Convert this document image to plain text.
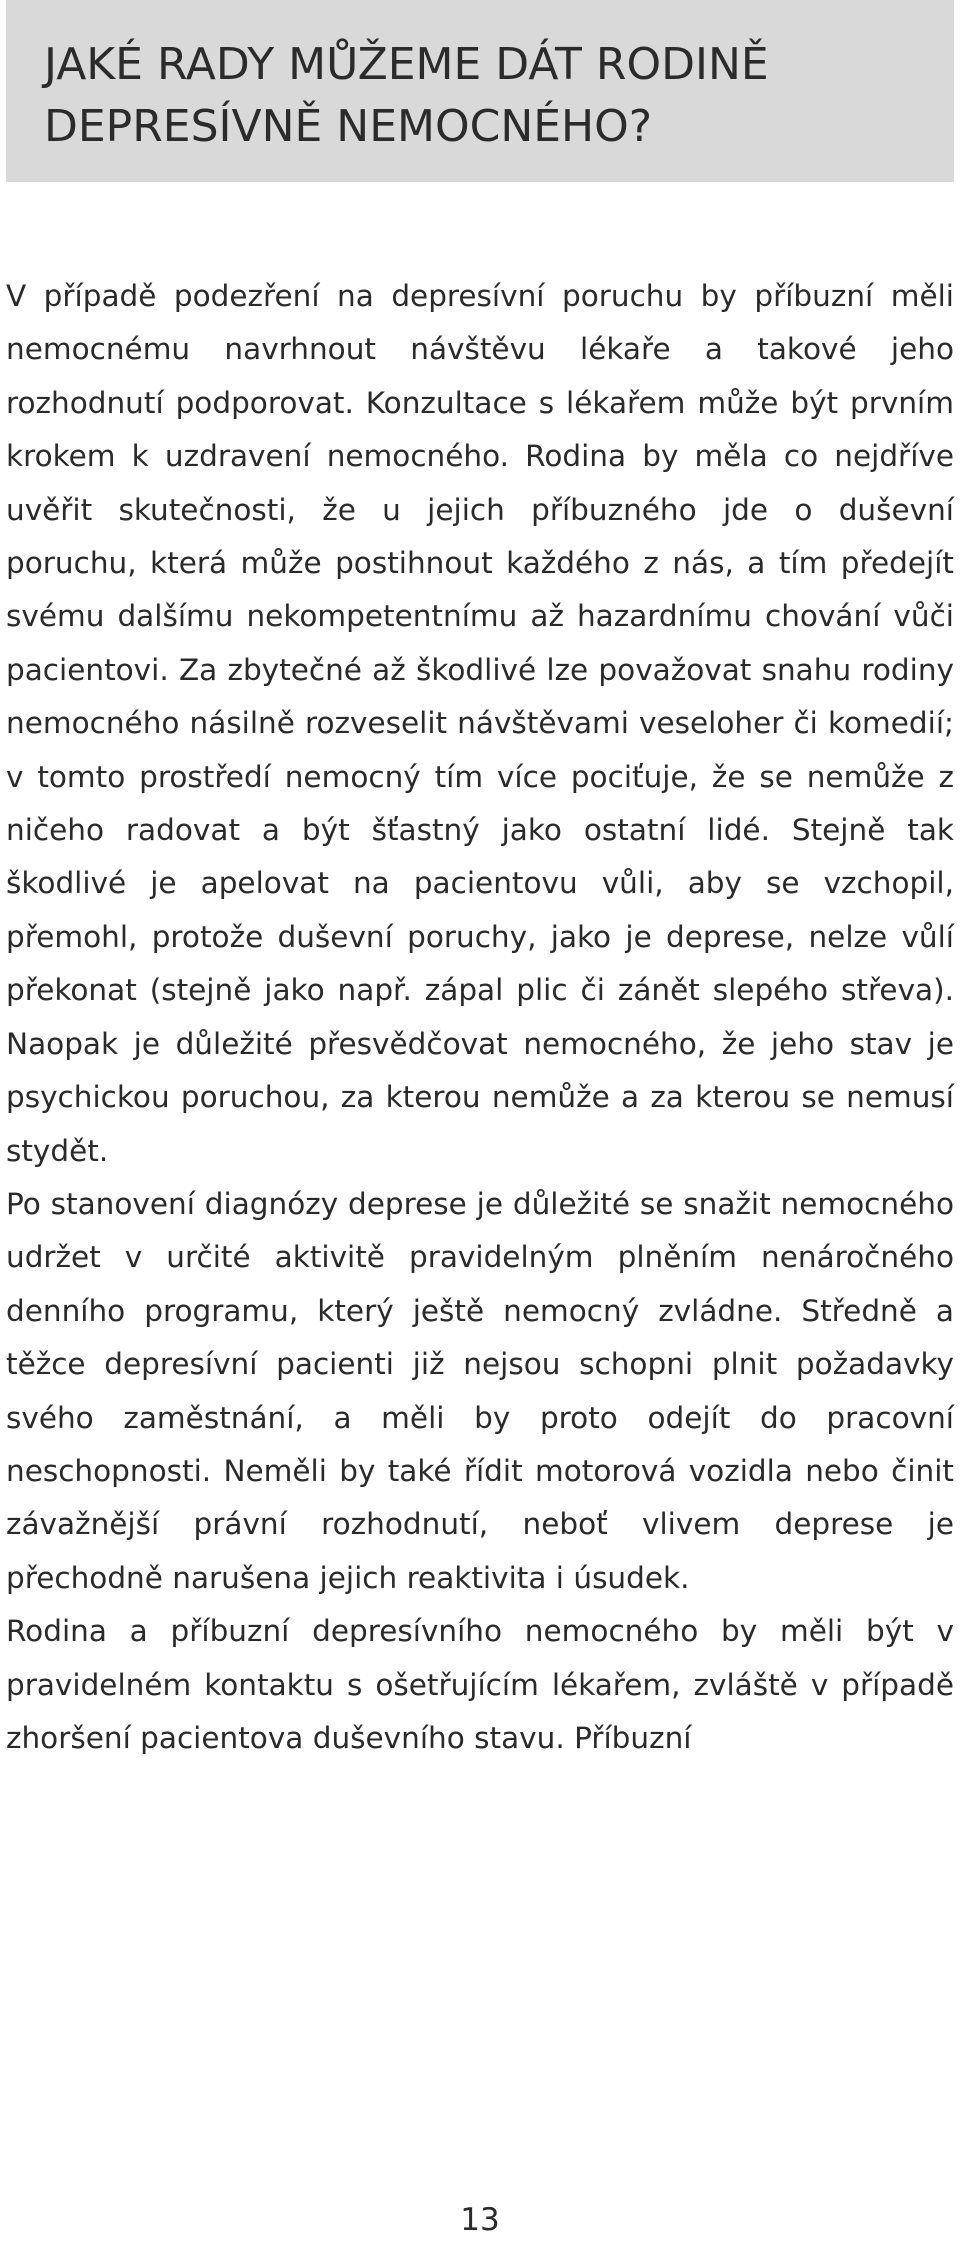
JAKÉ RADY MŮŽEME DÁT RODINĚ
DEPRESÍVNĚ NEMOCNÉHO?

V případě podezření na depresívní poruchu by příbuzní měli nemocnému navrhnout návštěvu lékaře a takové jeho rozhodnutí podporovat. Konzultace s lékařem může být prvním krokem k uzdravení nemocného. Rodina by měla co nejdříve uvěřit skutečnosti, že u jejich příbuzného jde o duševní poruchu, která může postihnout každého z nás, a tím předejít svému dalšímu nekompetentnímu až hazardnímu chování vůči pacientovi. Za zbytečné až škodlivé lze považovat snahu rodiny nemocného násilně rozveselit návštěvami veseloher či komedií; v tomto prostředí nemocný tím více pociťuje, že se nemůže z ničeho radovat a být šťastný jako ostatní lidé. Stejně tak škodlivé je apelovat na pacientovu vůli, aby se vzchopil, přemohl, protože duševní poruchy, jako je deprese, nelze vůlí překonat (stejně jako např. zápal plic či zánět slepého střeva). Naopak je důležité přesvědčovat nemocného, že jeho stav je psychickou poruchou, za kterou nemůže a za kterou se nemusí stydět.

Po stanovení diagnózy deprese je důležité se snažit nemocného udržet v určité aktivitě pravidelným plněním nenáročného denního programu, který ještě nemocný zvládne. Středně a těžce depresívní pacienti již nejsou schopni plnit požadavky svého zaměstnání, a měli by proto odejít do pracovní neschopnosti. Neměli by také řídit motorová vozidla nebo činit závažnější právní rozhodnutí, neboť vlivem deprese je přechodně narušena jejich reaktivita i úsudek.

Rodina a příbuzní depresívního nemocného by měli být v pravidelném kontaktu s ošetřujícím lékařem, zvláště v případě zhoršení pacientova duševního stavu. Příbuzní

13
